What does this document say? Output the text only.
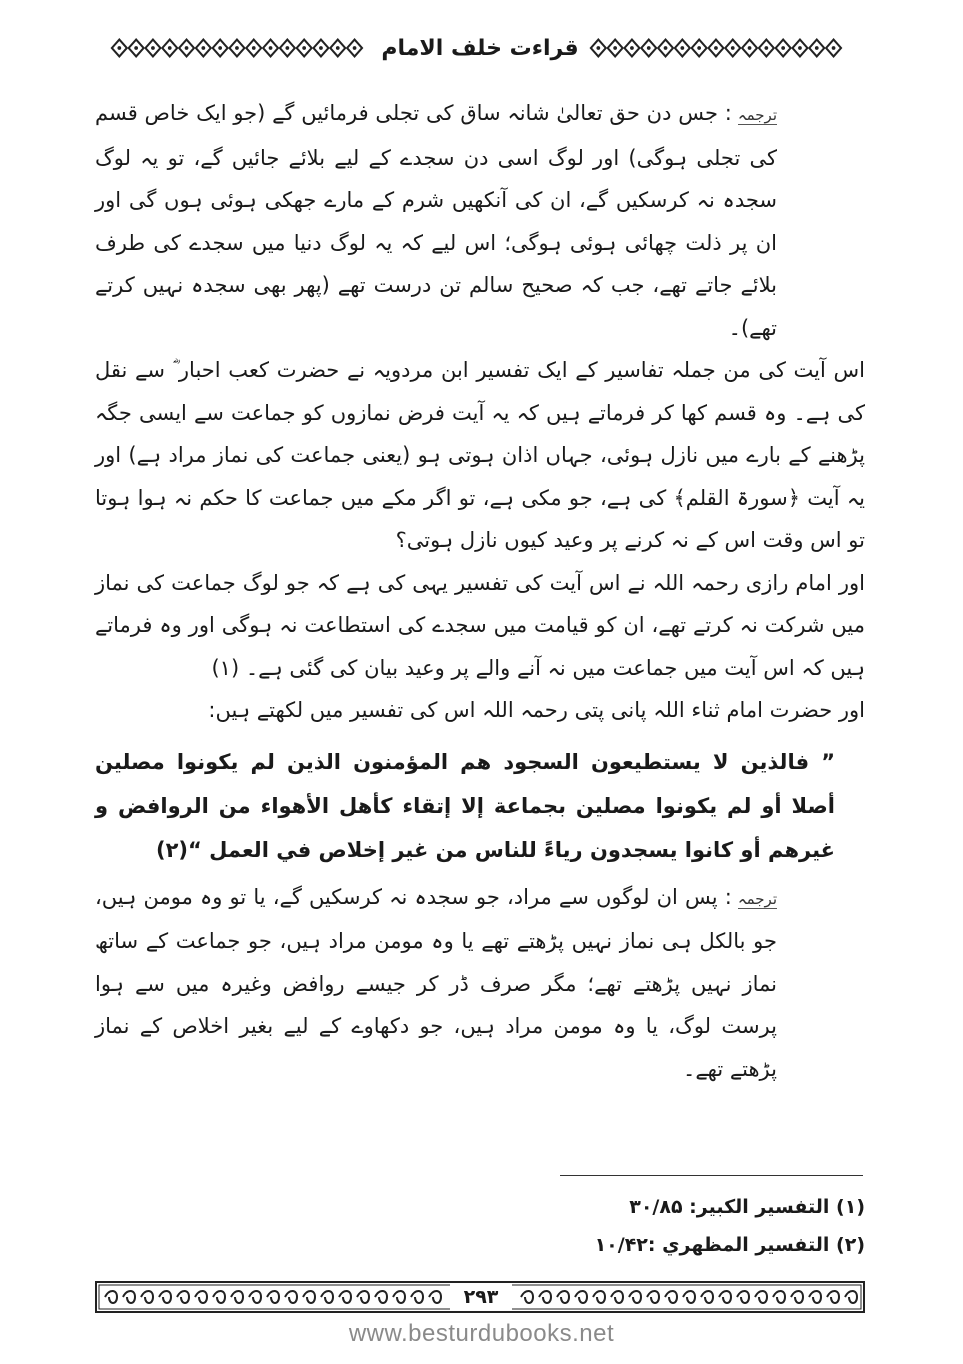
قراءت خلف الامام

ترجمہ: جس دن حق تعالیٰ شانہ ساق کی تجلی فرمائیں گے (جو ایک خاص قسم کی تجلی ہوگی) اور لوگ اسی دن سجدے کے لیے بلائے جائیں گے، تو یہ لوگ سجدہ نہ کرسکیں گے، ان کی آنکھیں شرم کے مارے جھکی ہوئی ہوں گی اور ان پر ذلت چھائی ہوئی ہوگی؛ اس لیے کہ یہ لوگ دنیا میں سجدے کی طرف بلائے جاتے تھے، جب کہ صحیح سالم تن درست تھے (پھر بھی سجدہ نہیں کرتے تھے)۔

اس آیت کی من جملہ تفاسیر کے ایک تفسیر ابن مردویہ نے حضرت کعب احبار ؓ سے نقل کی ہے۔ وہ قسم کھا کر فرماتے ہیں کہ یہ آیت فرض نمازوں کو جماعت سے ایسی جگہ پڑھنے کے بارے میں نازل ہوئی، جہاں اذان ہوتی ہو (یعنی جماعت کی نماز مراد ہے) اور یہ آیت ﴿سورۃ القلم﴾ کی ہے، جو مکی ہے، تو اگر مکے میں جماعت کا حکم نہ ہوا ہوتا تو اس وقت اس کے نہ کرنے پر وعید کیوں نازل ہوتی؟

اور امام رازی رحمہ اللہ نے اس آیت کی تفسیر یہی کی ہے کہ جو لوگ جماعت کی نماز میں شرکت نہ کرتے تھے، ان کو قیامت میں سجدے کی استطاعت نہ ہوگی اور وہ فرماتے ہیں کہ اس آیت میں جماعت میں نہ آنے والے پر وعید بیان کی گئی ہے۔ (۱)

اور حضرت امام ثناء اللہ پانی پتی رحمہ اللہ اس کی تفسیر میں لکھتے ہیں:

” فالذين لا يستطيعون السجود هم المؤمنون الذين لم يكونوا مصلين أصلا أو لم يكونوا مصلين بجماعة إلا إتقاء كأهل الأهواء من الروافض و غيرهم أو كانوا يسجدون رياءً للناس من غير إخلاص في العمل “(۲)

ترجمہ: پس ان لوگوں سے مراد، جو سجدہ نہ کرسکیں گے، یا تو وہ مومن ہیں، جو بالکل ہی نماز نہیں پڑھتے تھے یا وہ مومن مراد ہیں، جو جماعت کے ساتھ نماز نہیں پڑھتے تھے؛ مگر صرف ڈر کر جیسے روافض وغیرہ میں سے ہوا پرست لوگ، یا وہ مومن مراد ہیں، جو دکھاوے کے لیے بغیر اخلاص کے نماز پڑھتے تھے۔

(۱) التفسير الكبير: ۳۰/۸۵
(۲) التفسير المظهري :۱۰/۴۲
۲۹۳
www.besturdubooks.net
